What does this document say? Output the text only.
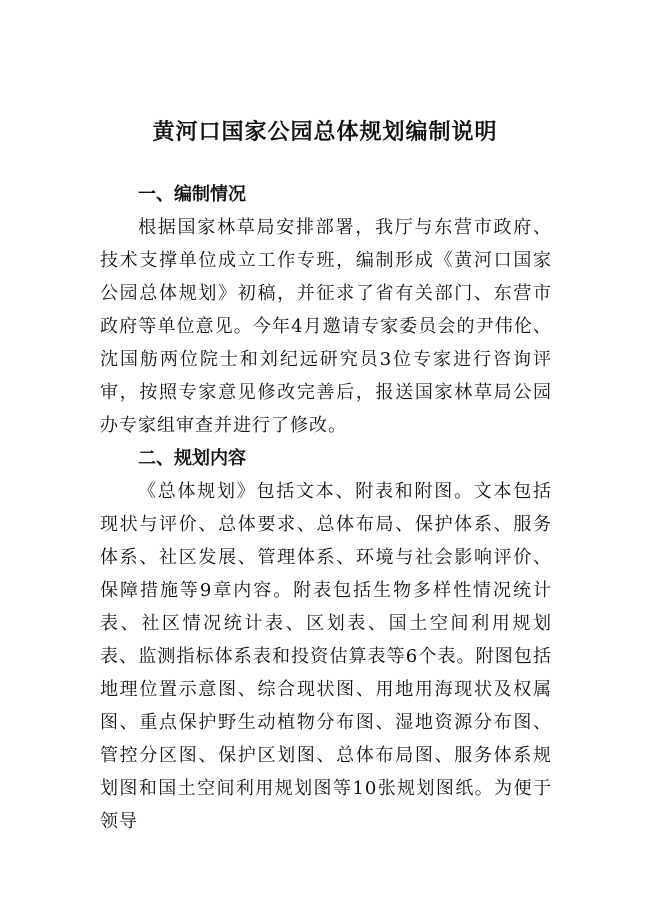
黄河口国家公园总体规划编制说明
一、编制情况

根据国家林草局安排部署，我厅与东营市政府、技术支撑单位成立工作专班，编制形成《黄河口国家公园总体规划》初稿，并征求了省有关部门、东营市政府等单位意见。今年4月邀请专家委员会的尹伟伦、沈国舫两位院士和刘纪远研究员3位专家进行咨询评审，按照专家意见修改完善后，报送国家林草局公园办专家组审查并进行了修改。

二、规划内容

《总体规划》包括文本、附表和附图。文本包括现状与评价、总体要求、总体布局、保护体系、服务体系、社区发展、管理体系、环境与社会影响评价、保障措施等9章内容。附表包括生物多样性情况统计表、社区情况统计表、区划表、国土空间利用规划表、监测指标体系表和投资估算表等6个表。附图包括地理位置示意图、综合现状图、用地用海现状及权属图、重点保护野生动植物分布图、湿地资源分布图、管控分区图、保护区划图、总体布局图、服务体系规划图和国土空间利用规划图等10张规划图纸。为便于领导
